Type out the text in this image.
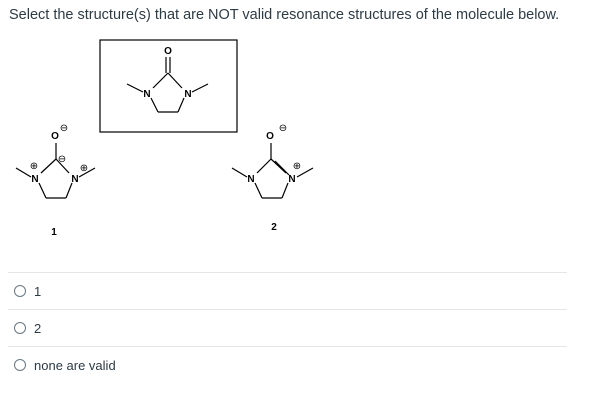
Select the structure(s) that are NOT valid resonance structures of the molecule below.
O
N	N
O
⊖
⊖
N
⊕
N
⊕
1
O
⊖
N	N
⊕
2
1
2
none are valid
